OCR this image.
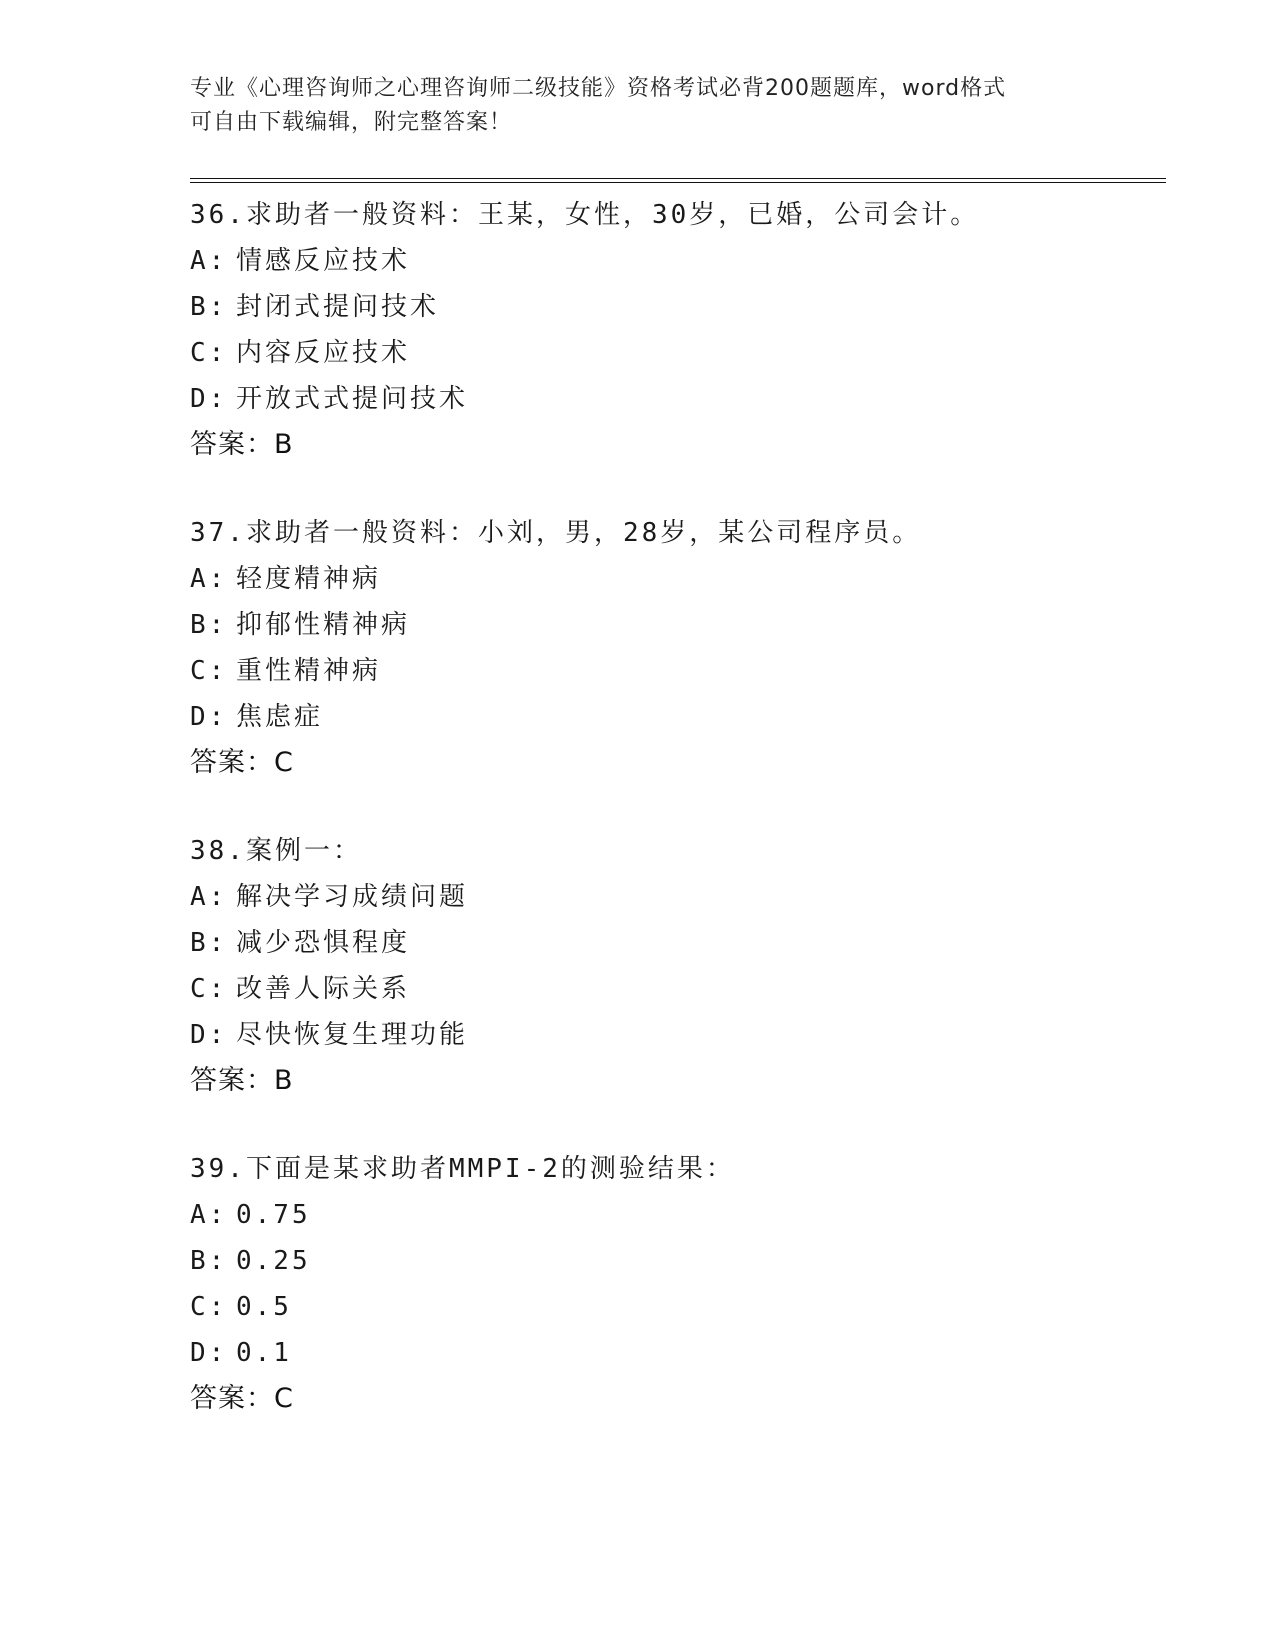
专业《心理咨询师之心理咨询师二级技能》资格考试必背200题题库，word格式
可自由下载编辑，附完整答案！
36.求助者一般资料：王某，女性，30岁，已婚，公司会计。
A: 情感反应技术
B: 封闭式提问技术
C: 内容反应技术
D: 开放式式提问技术
答案：B
37.求助者一般资料：小刘，男，28岁，某公司程序员。
A: 轻度精神病
B: 抑郁性精神病
C: 重性精神病
D: 焦虑症
答案：C
38.案例一：
A: 解决学习成绩问题
B: 减少恐惧程度
C: 改善人际关系
D: 尽快恢复生理功能
答案：B
39.下面是某求助者MMPI-2的测验结果：
A: 0.75
B: 0.25
C: 0.5
D: 0.1
答案：C
